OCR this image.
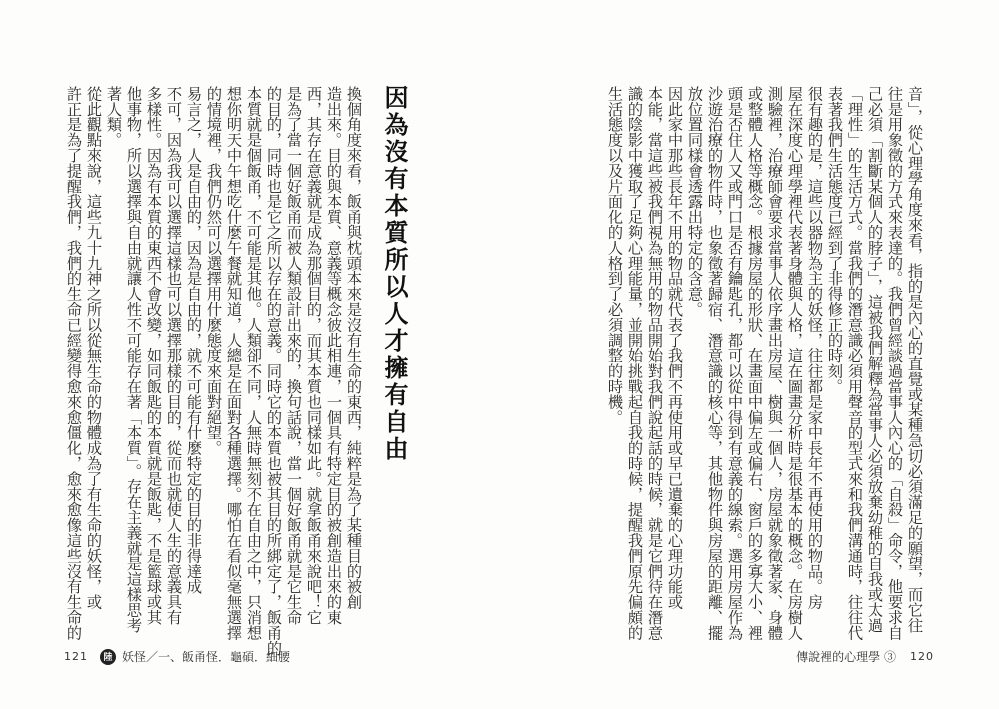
因為沒有本質所以人才擁有自由
換個角度來看，飯甬與枕頭本來是沒有生命的東西，純粹是為了某種目的被創
造出來。目的與本質、意義等概念彼此相連，一個具有特定目的被創造出來的東
西，其存在意義就是成為那個目的，而其本質也同樣如此。就拿飯甬來說吧！它
是為了當一個好飯甬而被人類設計出來的，換句話說，當一個好飯甬就是它生命
的目的，同時也是它之所以存在的意義。同時它的本質也被其目的所綁定了，飯甬的
本質就是個飯甬，不可能是其他。人類卻不同，人無時無刻不在自由之中，只消想
想你明天中午想吃什麼午餐就知道，人總是在面對各種選擇。哪怕在看似毫無選擇
的情境裡，我們仍然可以選擇用什麼態度來面對絕望。
易言之，人是自由的，因為是自由的，就不可能有什麼特定的目的非得達成
不可，因為我可以選擇這樣也可以選擇那樣的目的，從而也就使人生的意義具有
多樣性。因為有本質的東西不會改變，如同飯匙的本質就是飯匙，不是籃球或其
他事物，所以選擇與自由就讓人性不可能存在著「本質」。存在主義就是這樣思考
著人類。
從此觀點來說，這些九十九神之所以從無生命的物體成為了有生命的妖怪，或
許正是為了提醒我們，我們的生命已經變得愈來愈僵化，愈來愈像這些沒有生命的
121	陸 妖怪／一、飯甬怪．龜碩．細腰
音」，從心理學角度來看，指的是內心的直覺或某種急切必須滿足的願望，而它往
往是用象徵的方式來表達的。我們曾經談過當事人內心的「自殺」命令，他要求自
己必須「割斷某個人的脖子」，這被我們解釋為當事人必須放棄幼稚的自我或太過
「理性」的生活方式。當我們的潛意識必須用聲音的型式來和我們溝通時，往往代
表著我們生活態度已經到了非得修正的時刻。
很有趣的是，這些以器物為主的妖怪，往往都是家中長年不再使用的物品。房
屋在深度心理學裡代表著身體與人格，這在圖畫分析時是很基本的概念。在房樹人
測驗裡，治療師會要求當事人依序畫出房屋、樹與一個人，房屋就象徵著家、身體
或整體人格等概念。根據房屋的形狀、在畫面中偏左或偏右、窗戶的多寡大小、裡
頭是否住人又或門口是否有鑰匙孔，都可以從中得到有意義的線索。選用房屋作為
沙遊治療的物件時，也象徵著歸宿、潛意識的核心等，其他物件與房屋的距離、擺
放位置同樣會透露出特定的含意。
因此家中那些長年不用的物品就代表了我們不再使用或早已遺棄的心理功能或
本能，當這些被我們視為無用的物品開始對我們說起話的時候，就是它們待在潛意
識的陰影中獲取了足夠心理能量，並開始挑戰起自我的時候，提醒我們原先偏頗的
生活態度以及片面化的人格到了必須調整的時機。
傳說裡的心理學 ③ 120
